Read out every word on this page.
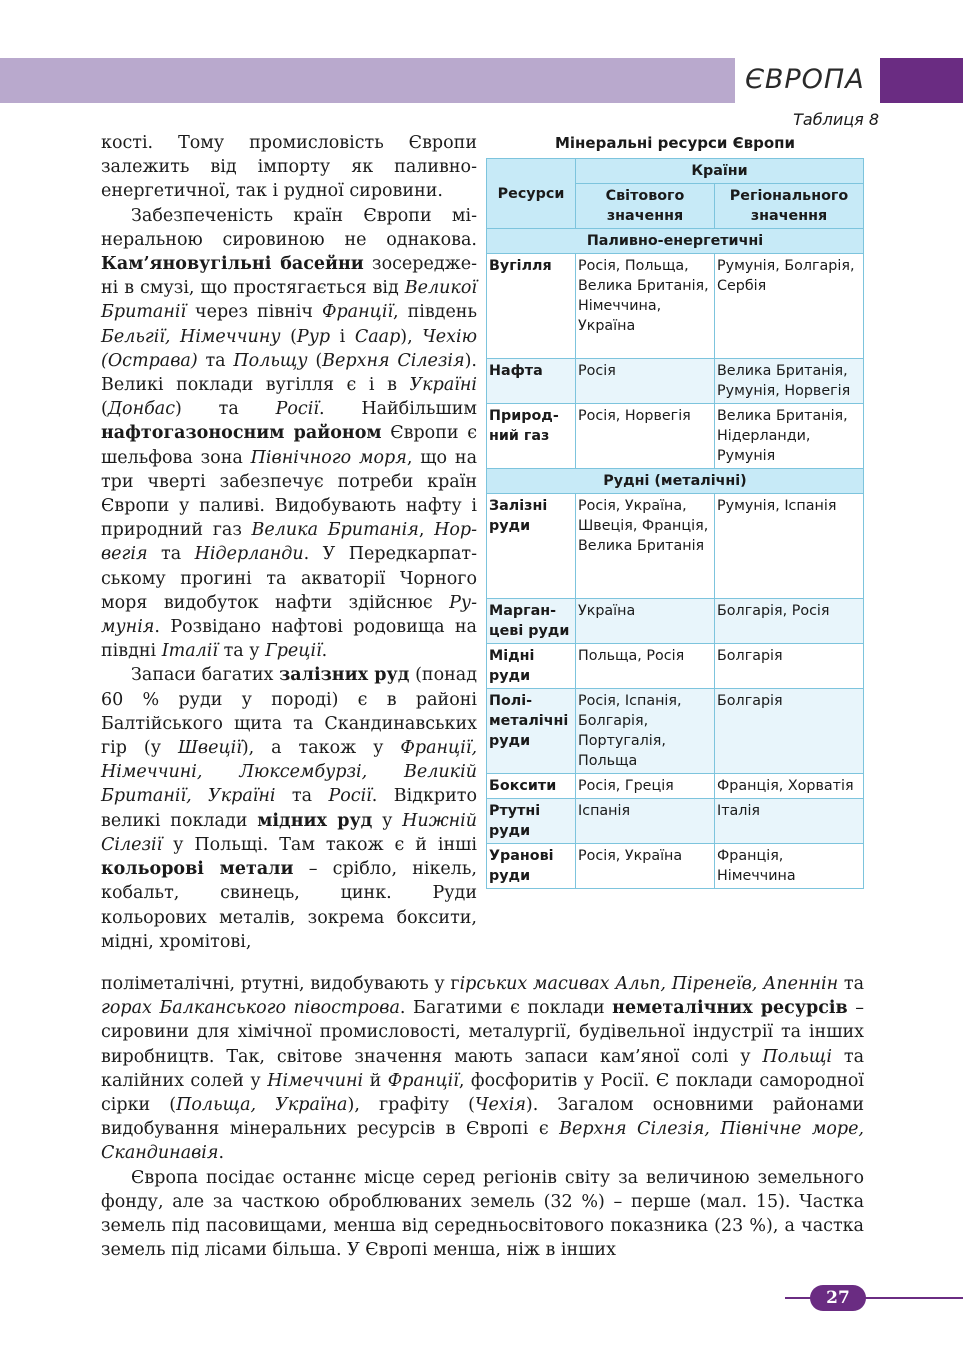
ЄВРОПА
Таблиця 8
Мінеральні ресурси Європи

кості. Тому промисловість Європи залежить від імпорту як паливно-енергетичної, так і рудної сировини.

Забезпеченість країн Європи мінеральною сировиною не однакова. Кам’яновугільні басейни зосереджені в смузі, що простягається від Великої Британії через північ Франції, південь Бельгії, Німеччину (Рур і Саар), Чехію (Острава) та Польщу (Верхня Сілезія). Великі поклади вугілля є і в Україні (Донбас) та Росії. Найбільшим нафтогазоносним районом Європи є шельфова зона Північного моря, що на три чверті забезпечує потреби країн Європи у паливі. Видобувають нафту і природний газ Велика Британія, Норвегія та Нідерланди. У Передкарпатському прогині та акваторії Чорного моря видобуток нафти здійснює Румунія. Розвідано нафтові родовища на півдні Італії та у Греції.

Запаси багатих залізних руд (понад 60 % руди у породі) є в районі Балтійського щита та Скандинавських гір (у Швеції), а також у Франції, Німеччині, Люксембурзі, Великій Британії, Україні та Росії. Відкрито великі поклади мідних руд у Нижній Сілезії у Польщі. Там також є й інші кольорові метали – срібло, нікель, кобальт, свинець, цинк. Руди кольорових металів, зокрема боксити, мідні, хромітові,

Ресурси	Країни	
	Світового значення	Регіонального значення
Паливно-енергетичні		
Вугілля	Росія, Польща, Велика Британія, Німеччина, Україна	Румунія, Болгарія, Сербія
Нафта	Росія	Велика Британія, Румунія, Норвегія
Природний газ	Росія, Норвегія	Велика Британія, Нідерланди, Румунія
Рудні (металічні)		
Залізні руди	Росія, Україна, Швеція, Франція, Велика Британія	Румунія, Іспанія
Марганцеві руди	Україна	Болгарія, Росія
Мідні руди	Польща, Росія	Болгарія
Поліметалічні руди	Росія, Іспанія, Болгарія, Португалія, Польща	Болгарія
Боксити	Росія, Греція	Франція, Хорватія
Ртутні руди	Іспанія	Італія
Уранові руди	Росія, Україна	Франція, Німеччина

поліметалічні, ртутні, видобувають у гірських масивах Альп, Піренеїв, Апеннін та горах Балканського півострова. Багатими є поклади неметалічних ресурсів – сировини для хімічної промисловості, металургії, будівельної індустрії та інших виробництв. Так, світове значення мають запаси кам’яної солі у Польщі та калійних солей у Німеччині й Франції, фосфоритів у Росії. Є поклади самородної сірки (Польща, Україна), графіту (Чехія). Загалом основними районами видобування мінеральних ресурсів в Європі є Верхня Сілезія, Північне море, Скандинавія.

Європа посідає останнє місце серед регіонів світу за величиною земельного фонду, але за часткою оброблюваних земель (32 %) – перше (мал. 15). Частка земель під пасовищами, менша від середньосвітового показника (23 %), а частка земель під лісами більша. У Європі менша, ніж в інших

27
